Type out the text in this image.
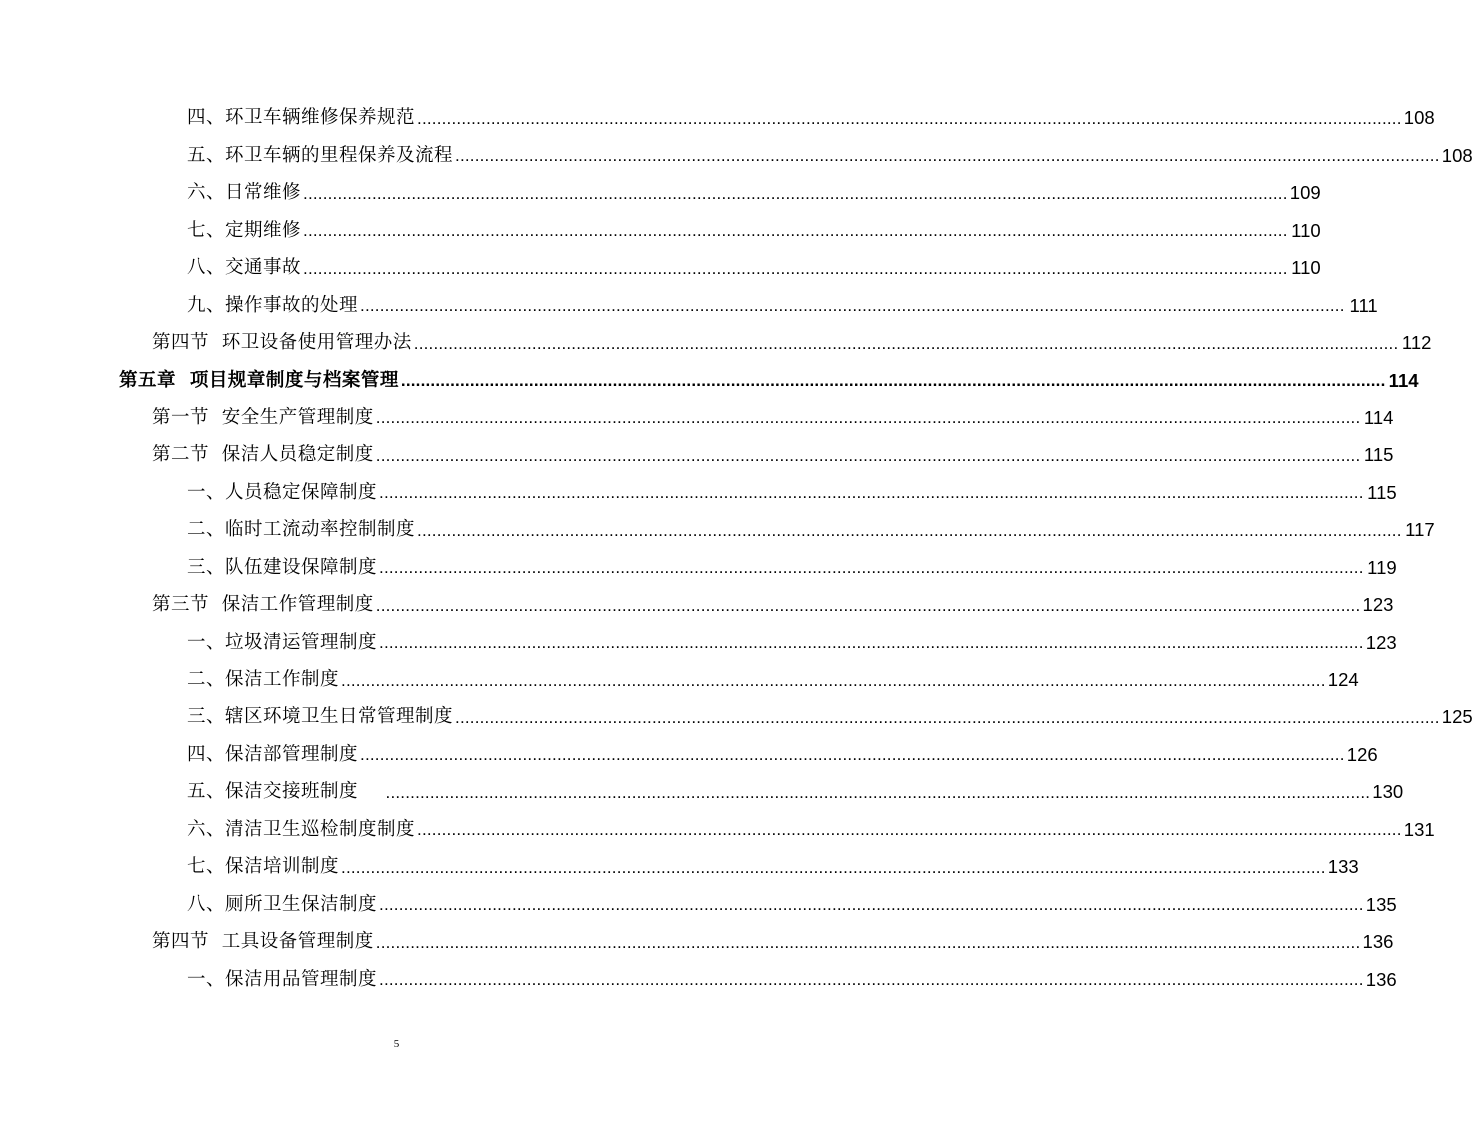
四、环卫车辆维修保养规范 ........................................................................................................................................................................................................ 108
五、环卫车辆的里程保养及流程 ........................................................................................................................................................................................................ 108
六、日常维修 ........................................................................................................................................................................................................ 109
七、定期维修 ........................................................................................................................................................................................................ 110
八、交通事故 ........................................................................................................................................................................................................ 110
九、操作事故的处理 ........................................................................................................................................................................................................ 111
第四节  环卫设备使用管理办法 ........................................................................................................................................................................................................ 112
第五章  项目规章制度与档案管理 ........................................................................................................................................................................................................ 114
第一节  安全生产管理制度 ........................................................................................................................................................................................................ 114
第二节  保洁人员稳定制度 ........................................................................................................................................................................................................ 115
一、人员稳定保障制度 ........................................................................................................................................................................................................ 115
二、临时工流动率控制制度 ........................................................................................................................................................................................................ 117
三、队伍建设保障制度 ........................................................................................................................................................................................................ 119
第三节  保洁工作管理制度 ........................................................................................................................................................................................................ 123
一、垃圾清运管理制度 ........................................................................................................................................................................................................ 123
二、保洁工作制度 ........................................................................................................................................................................................................ 124
三、辖区环境卫生日常管理制度 ........................................................................................................................................................................................................ 125
四、保洁部管理制度 ........................................................................................................................................................................................................ 126
五、保洁交接班制度 ........................................................................................................................................................................................................ 130
六、清洁卫生巡检制度制度 ........................................................................................................................................................................................................ 131
七、保洁培训制度 ........................................................................................................................................................................................................ 133
八、厕所卫生保洁制度 ........................................................................................................................................................................................................ 135
第四节  工具设备管理制度 ........................................................................................................................................................................................................ 136
一、保洁用品管理制度 ........................................................................................................................................................................................................ 136
5
